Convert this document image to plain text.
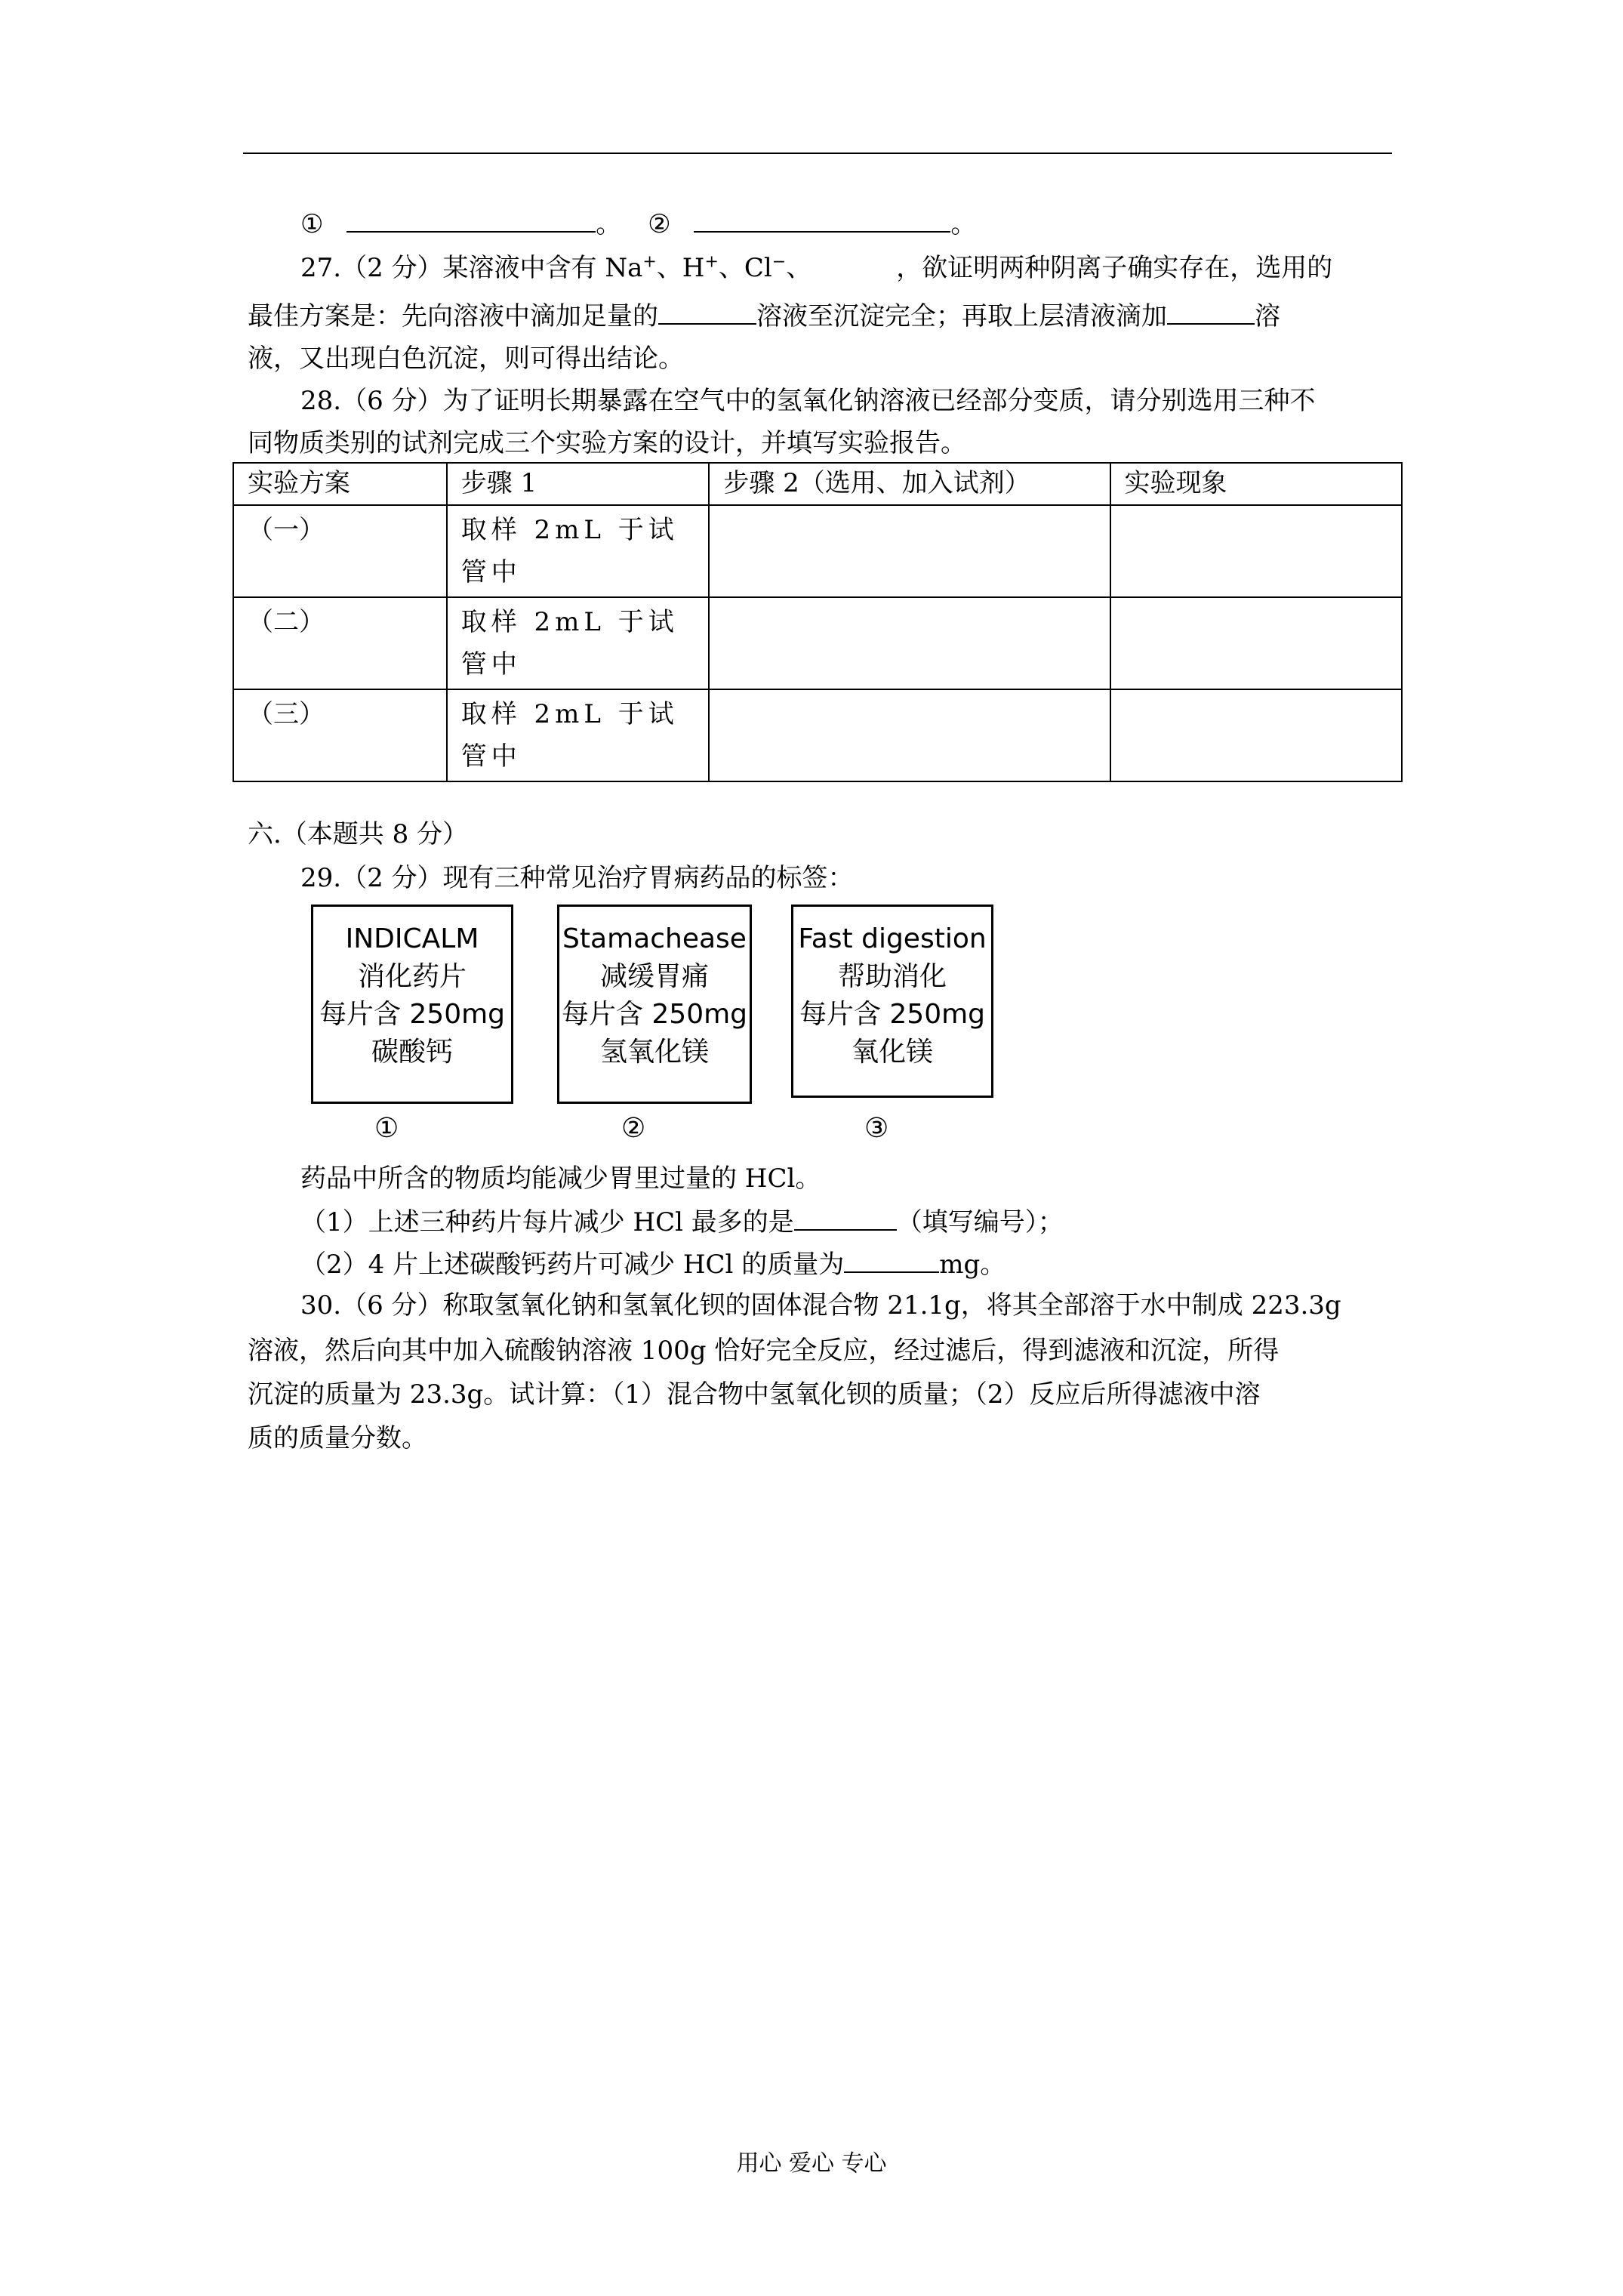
①	。 ②	。
27.（2 分）某溶液中含有 Na+、H+、Cl−、	，欲证明两种阴离子确实存在，选用的
最佳方案是：先向溶液中滴加足量的	溶液至沉淀完全；再取上层清液滴加	溶
液，又出现白色沉淀，则可得出结论。
28.（6 分）为了证明长期暴露在空气中的氢氧化钠溶液已经部分变质，请分别选用三种不
同物质类别的试剂完成三个实验方案的设计，并填写实验报告。
实验方案	步骤 1	步骤 2（选用、加入试剂）	实验现象
（一）	取样 2mL 于试管中		
（二）	取样 2mL 于试管中		
（三）	取样 2mL 于试管中		
六.（本题共 8 分）
29.（2 分）现有三种常见治疗胃病药品的标签：
INDICALM
消化药片
每片含 250mg
碳酸钙
Stamachease
减缓胃痛
每片含 250mg
氢氧化镁
Fast digestion
帮助消化
每片含 250mg
氧化镁
①	②	③
药品中所含的物质均能减少胃里过量的 HCl。
（1）上述三种药片每片减少 HCl 最多的是	（填写编号）；
（2）4 片上述碳酸钙药片可减少 HCl 的质量为	mg。
30.（6 分）称取氢氧化钠和氢氧化钡的固体混合物 21.1g，将其全部溶于水中制成 223.3g
溶液，然后向其中加入硫酸钠溶液 100g 恰好完全反应，经过滤后，得到滤液和沉淀，所得
沉淀的质量为 23.3g。试计算：（1）混合物中氢氧化钡的质量；（2）反应后所得滤液中溶
质的质量分数。
用心 爱心 专心
